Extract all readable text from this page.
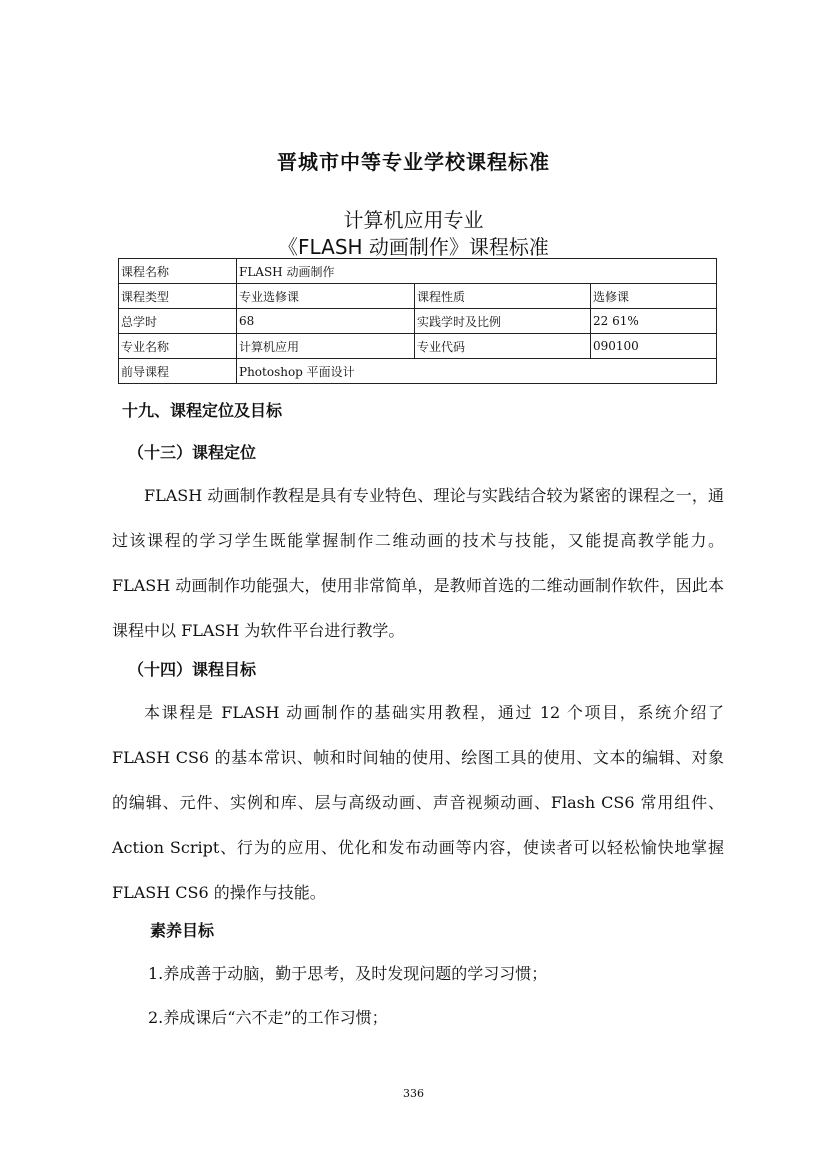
晋城市中等专业学校课程标准
计算机应用专业
《FLASH 动画制作》课程标准
课程名称	FLASH 动画制作		
课程类型	专业选修课	课程性质	选修课
总学时	68	实践学时及比例	22 61%
专业名称	计算机应用	专业代码	090100
前导课程	Photoshop 平面设计		
十九、课程定位及目标
（十三）课程定位

FLASH 动画制作教程是具有专业特色、理论与实践结合较为紧密的课程之一，通过该课程的学习学生既能掌握制作二维动画的技术与技能，又能提高教学能力。FLASH 动画制作功能强大，使用非常简单，是教师首选的二维动画制作软件，因此本课程中以 FLASH 为软件平台进行教学。

（十四）课程目标

本课程是 FLASH 动画制作的基础实用教程，通过 12 个项目，系统介绍了 FLASH CS6 的基本常识、帧和时间轴的使用、绘图工具的使用、文本的编辑、对象的编辑、元件、实例和库、层与高级动画、声音视频动画、Flash CS6 常用组件、Action Script、行为的应用、优化和发布动画等内容，使读者可以轻松愉快地掌握 FLASH CS6 的操作与技能。

素养目标
1.养成善于动脑，勤于思考，及时发现问题的学习习惯；
2.养成课后“六不走”的工作习惯；
336
